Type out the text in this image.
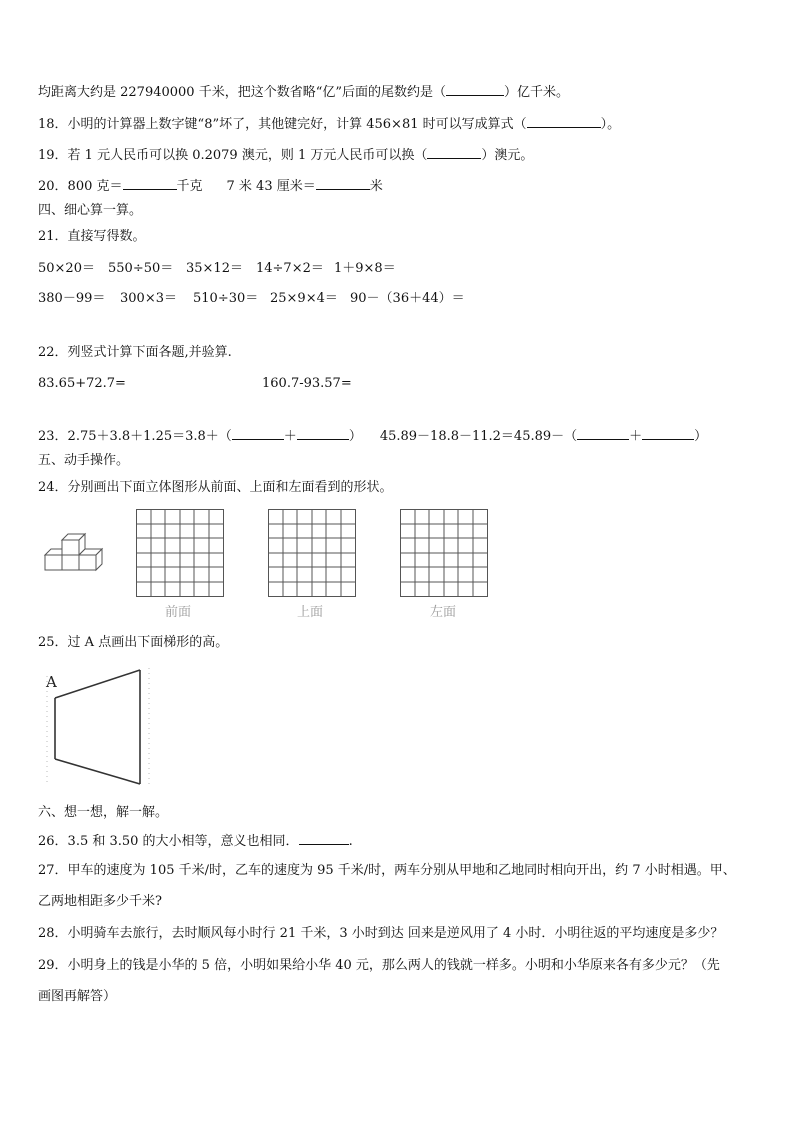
均距离大约是 227940000 千米，把这个数省略“亿”后面的尾数约是（	）亿千米。
18．小明的计算器上数字键“8”坏了，其他键完好，计算 456×81 时可以写成算式（	）。
19．若 1 元人民币可以换 0.2079 澳元，则 1 万元人民币可以换（	）澳元。
20．800 克＝	千克 7 米 43 厘米＝	米
四、细心算一算。
21．直接写得数。
50×20＝ 550÷50＝ 35×12＝ 14÷7×2＝ 1＋9×8＝
380－99＝ 300×3＝ 510÷30＝ 25×9×4＝ 90－（36＋44）＝
22．列竖式计算下面各题,并验算.
83.65+72.7=	160.7-93.57=
23．2.75＋3.8＋1.25＝3.8＋（	＋	） 45.89－18.8－11.2＝45.89－（	＋	）
五、动手操作。
24．分别画出下面立体图形从前面、上面和左面看到的形状。
前面	上面	左面
25．过 A 点画出下面梯形的高。
A
六、想一想，解一解。
26．3.5 和 3.50 的大小相等，意义也相同．	.
27．甲车的速度为 105 千米/时，乙车的速度为 95 千米/时，两车分别从甲地和乙地同时相向开出，约 7 小时相遇。甲、
乙两地相距多少千米?
28．小明骑车去旅行，去时顺风每小时行 21 千米，3 小时到达 回来是逆风用了 4 小时．小明往返的平均速度是多少？
29．小明身上的钱是小华的 5 倍，小明如果给小华 40 元，那么两人的钱就一样多。小明和小华原来各有多少元？（先
画图再解答）
